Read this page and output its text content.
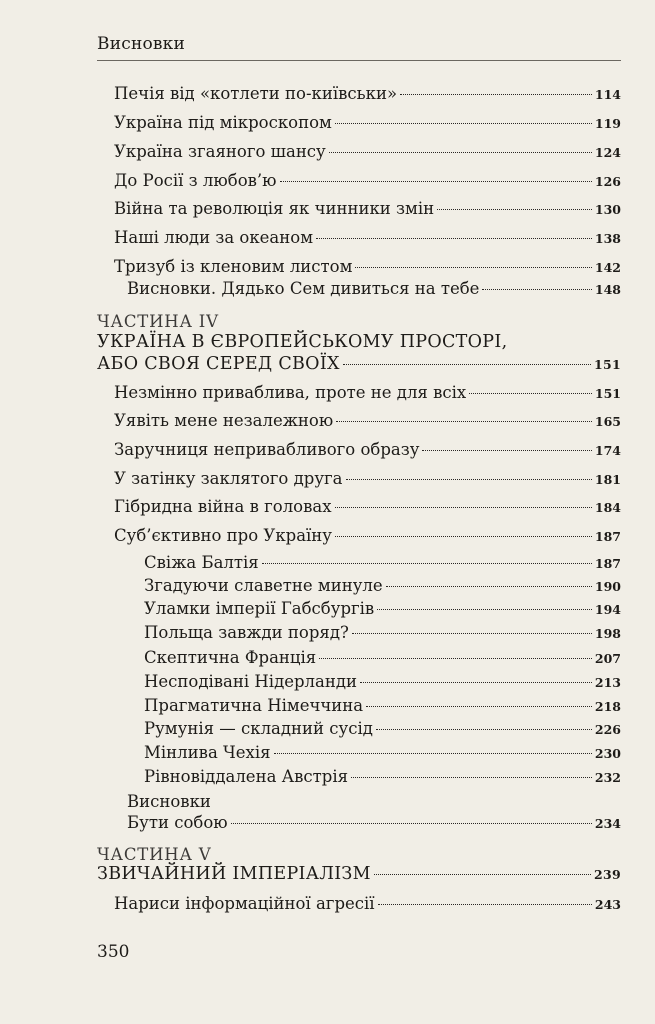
Висновки
Печія від «котлети по-київськи»	114
Україна під мікроскопом	119
Україна згаяного шансу	124
До Росії з любов’ю	126
Війна та революція як чинники змін	130
Наші люди за океаном	138
Тризуб із кленовим листом	142
Висновки. Дядько Сем дивиться на тебе	148
ЧАСТИНА IV
УКРАЇНА В ЄВРОПЕЙСЬКОМУ ПРОСТОРІ,
АБО СВОЯ СЕРЕД СВОЇХ	151
Незмінно приваблива, проте не для всіх	151
Уявіть мене незалежною	165
Заручниця непривабливого образу	174
У затінку заклятого друга	181
Гібридна війна в головах	184
Суб’єктивно про Україну	187
Свіжа Балтія	187
Згадуючи славетне минуле	190
Уламки імперії Габсбургів	194
Польща завжди поряд?	198
Скептична Франція	207
Несподівані Нідерланди	213
Прагматична Німеччина	218
Румунія — складний сусід	226
Мінлива Чехія	230
Рівновіддалена Австрія	232
Висновки
Бути собою	234
ЧАСТИНА V
ЗВИЧАЙНИЙ ІМПЕРІАЛІЗМ	239
Нариси інформаційної агресії	243
350
